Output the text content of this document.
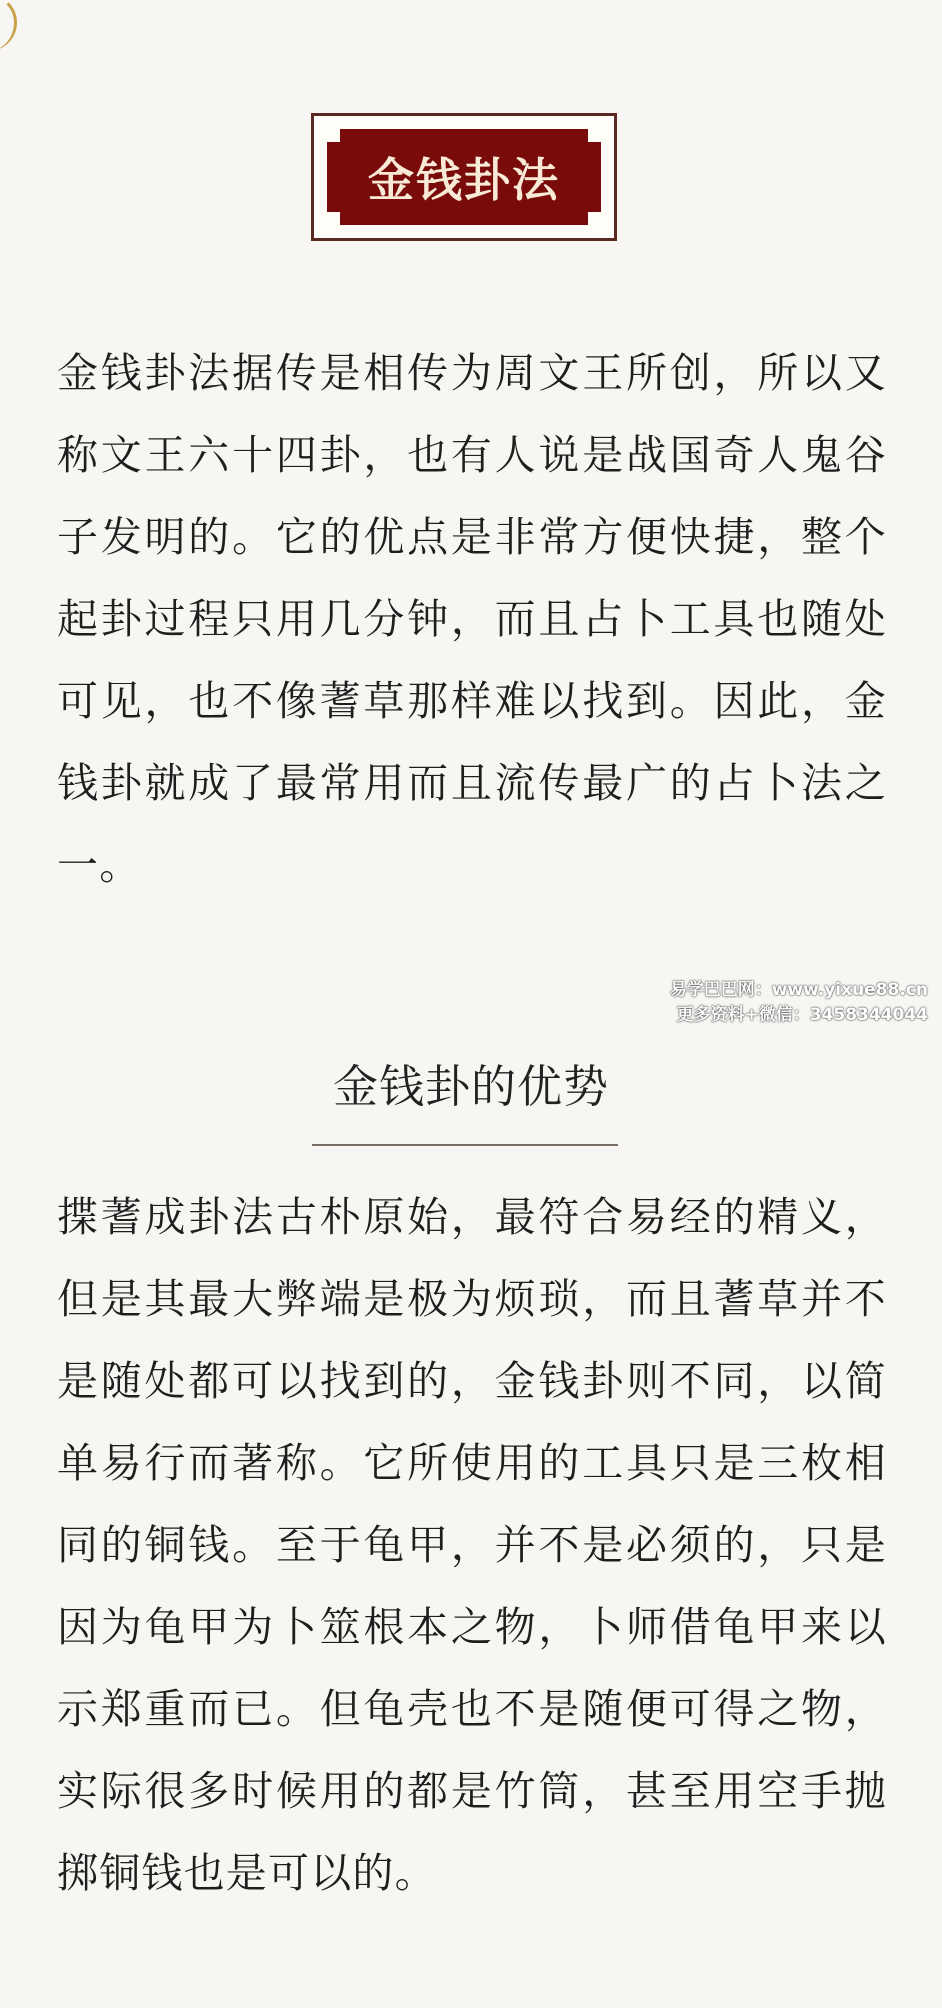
金钱卦法

金钱卦法据传是相传为周文王所创，所以又称文王六十四卦，也有人说是战国奇人鬼谷子发明的。它的优点是非常方便快捷，整个起卦过程只用几分钟，而且占卜工具也随处可见，也不像蓍草那样难以找到。因此，金钱卦就成了最常用而且流传最广的占卜法之一。

易学巴巴网：www.yixue88.cn
更多资料+微信：3458344044
金钱卦的优势

揲蓍成卦法古朴原始，最符合易经的精义，但是其最大弊端是极为烦琐，而且蓍草并不是随处都可以找到的，金钱卦则不同，以简单易行而著称。它所使用的工具只是三枚相同的铜钱。至于龟甲，并不是必须的，只是因为龟甲为卜筮根本之物，卜师借龟甲来以示郑重而已。但龟壳也不是随便可得之物，实际很多时候用的都是竹筒，甚至用空手抛掷铜钱也是可以的。
